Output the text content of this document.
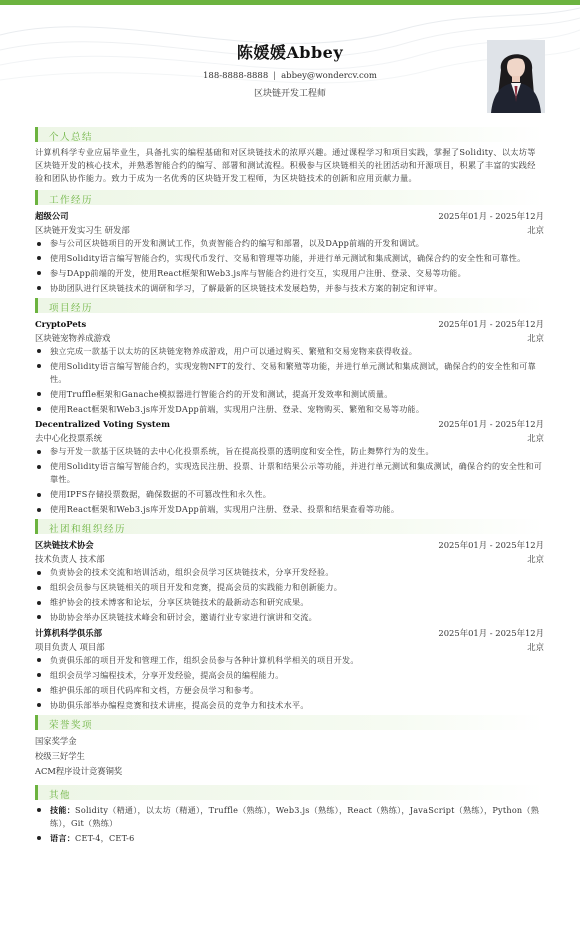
陈媛媛Abbey
188-8888-8888 | abbey@wondercv.com
区块链开发工程师
个人总结

计算机科学专业应届毕业生，具备扎实的编程基础和对区块链技术的浓厚兴趣。通过课程学习和项目实践，掌握了Solidity、以太坊等区块链开发的核心技术，并熟悉智能合约的编写、部署和测试流程。积极参与区块链相关的社团活动和开源项目，积累了丰富的实践经验和团队协作能力。致力于成为一名优秀的区块链开发工程师，为区块链技术的创新和应用贡献力量。

工作经历
超级公司	2025年01月 - 2025年12月
区块链开发实习生 研发部	北京
参与公司区块链项目的开发和测试工作，负责智能合约的编写和部署，以及DApp前端的开发和调试。
使用Solidity语言编写智能合约，实现代币发行、交易和管理等功能，并进行单元测试和集成测试，确保合约的安全性和可靠性。
参与DApp前端的开发，使用React框架和Web3.js库与智能合约进行交互，实现用户注册、登录、交易等功能。
协助团队进行区块链技术的调研和学习，了解最新的区块链技术发展趋势，并参与技术方案的制定和评审。
项目经历
CryptoPets	2025年01月 - 2025年12月
区块链宠物养成游戏	北京
独立完成一款基于以太坊的区块链宠物养成游戏，用户可以通过购买、繁殖和交易宠物来获得收益。
使用Solidity语言编写智能合约，实现宠物NFT的发行、交易和繁殖等功能，并进行单元测试和集成测试，确保合约的安全性和可靠性。
使用Truffle框架和Ganache模拟器进行智能合约的开发和测试，提高开发效率和测试质量。
使用React框架和Web3.js库开发DApp前端，实现用户注册、登录、宠物购买、繁殖和交易等功能。
Decentralized Voting System	2025年01月 - 2025年12月
去中心化投票系统	北京
参与开发一款基于区块链的去中心化投票系统，旨在提高投票的透明度和安全性，防止舞弊行为的发生。
使用Solidity语言编写智能合约，实现选民注册、投票、计票和结果公示等功能，并进行单元测试和集成测试，确保合约的安全性和可靠性。
使用IPFS存储投票数据，确保数据的不可篡改性和永久性。
使用React框架和Web3.js库开发DApp前端，实现用户注册、登录、投票和结果查看等功能。
社团和组织经历
区块链技术协会	2025年01月 - 2025年12月
技术负责人 技术部	北京
负责协会的技术交流和培训活动，组织会员学习区块链技术，分享开发经验。
组织会员参与区块链相关的项目开发和竞赛，提高会员的实践能力和创新能力。
维护协会的技术博客和论坛，分享区块链技术的最新动态和研究成果。
协助协会举办区块链技术峰会和研讨会，邀请行业专家进行演讲和交流。
计算机科学俱乐部	2025年01月 - 2025年12月
项目负责人 项目部	北京
负责俱乐部的项目开发和管理工作，组织会员参与各种计算机科学相关的项目开发。
组织会员学习编程技术，分享开发经验，提高会员的编程能力。
维护俱乐部的项目代码库和文档，方便会员学习和参考。
协助俱乐部举办编程竞赛和技术讲座，提高会员的竞争力和技术水平。
荣誉奖项
国家奖学金
校级三好学生
ACM程序设计竞赛铜奖
其他
技能：Solidity（精通），以太坊（精通），Truffle（熟练），Web3.js（熟练），React（熟练），JavaScript（熟练），Python（熟练），Git（熟练）
语言：CET-4，CET-6
